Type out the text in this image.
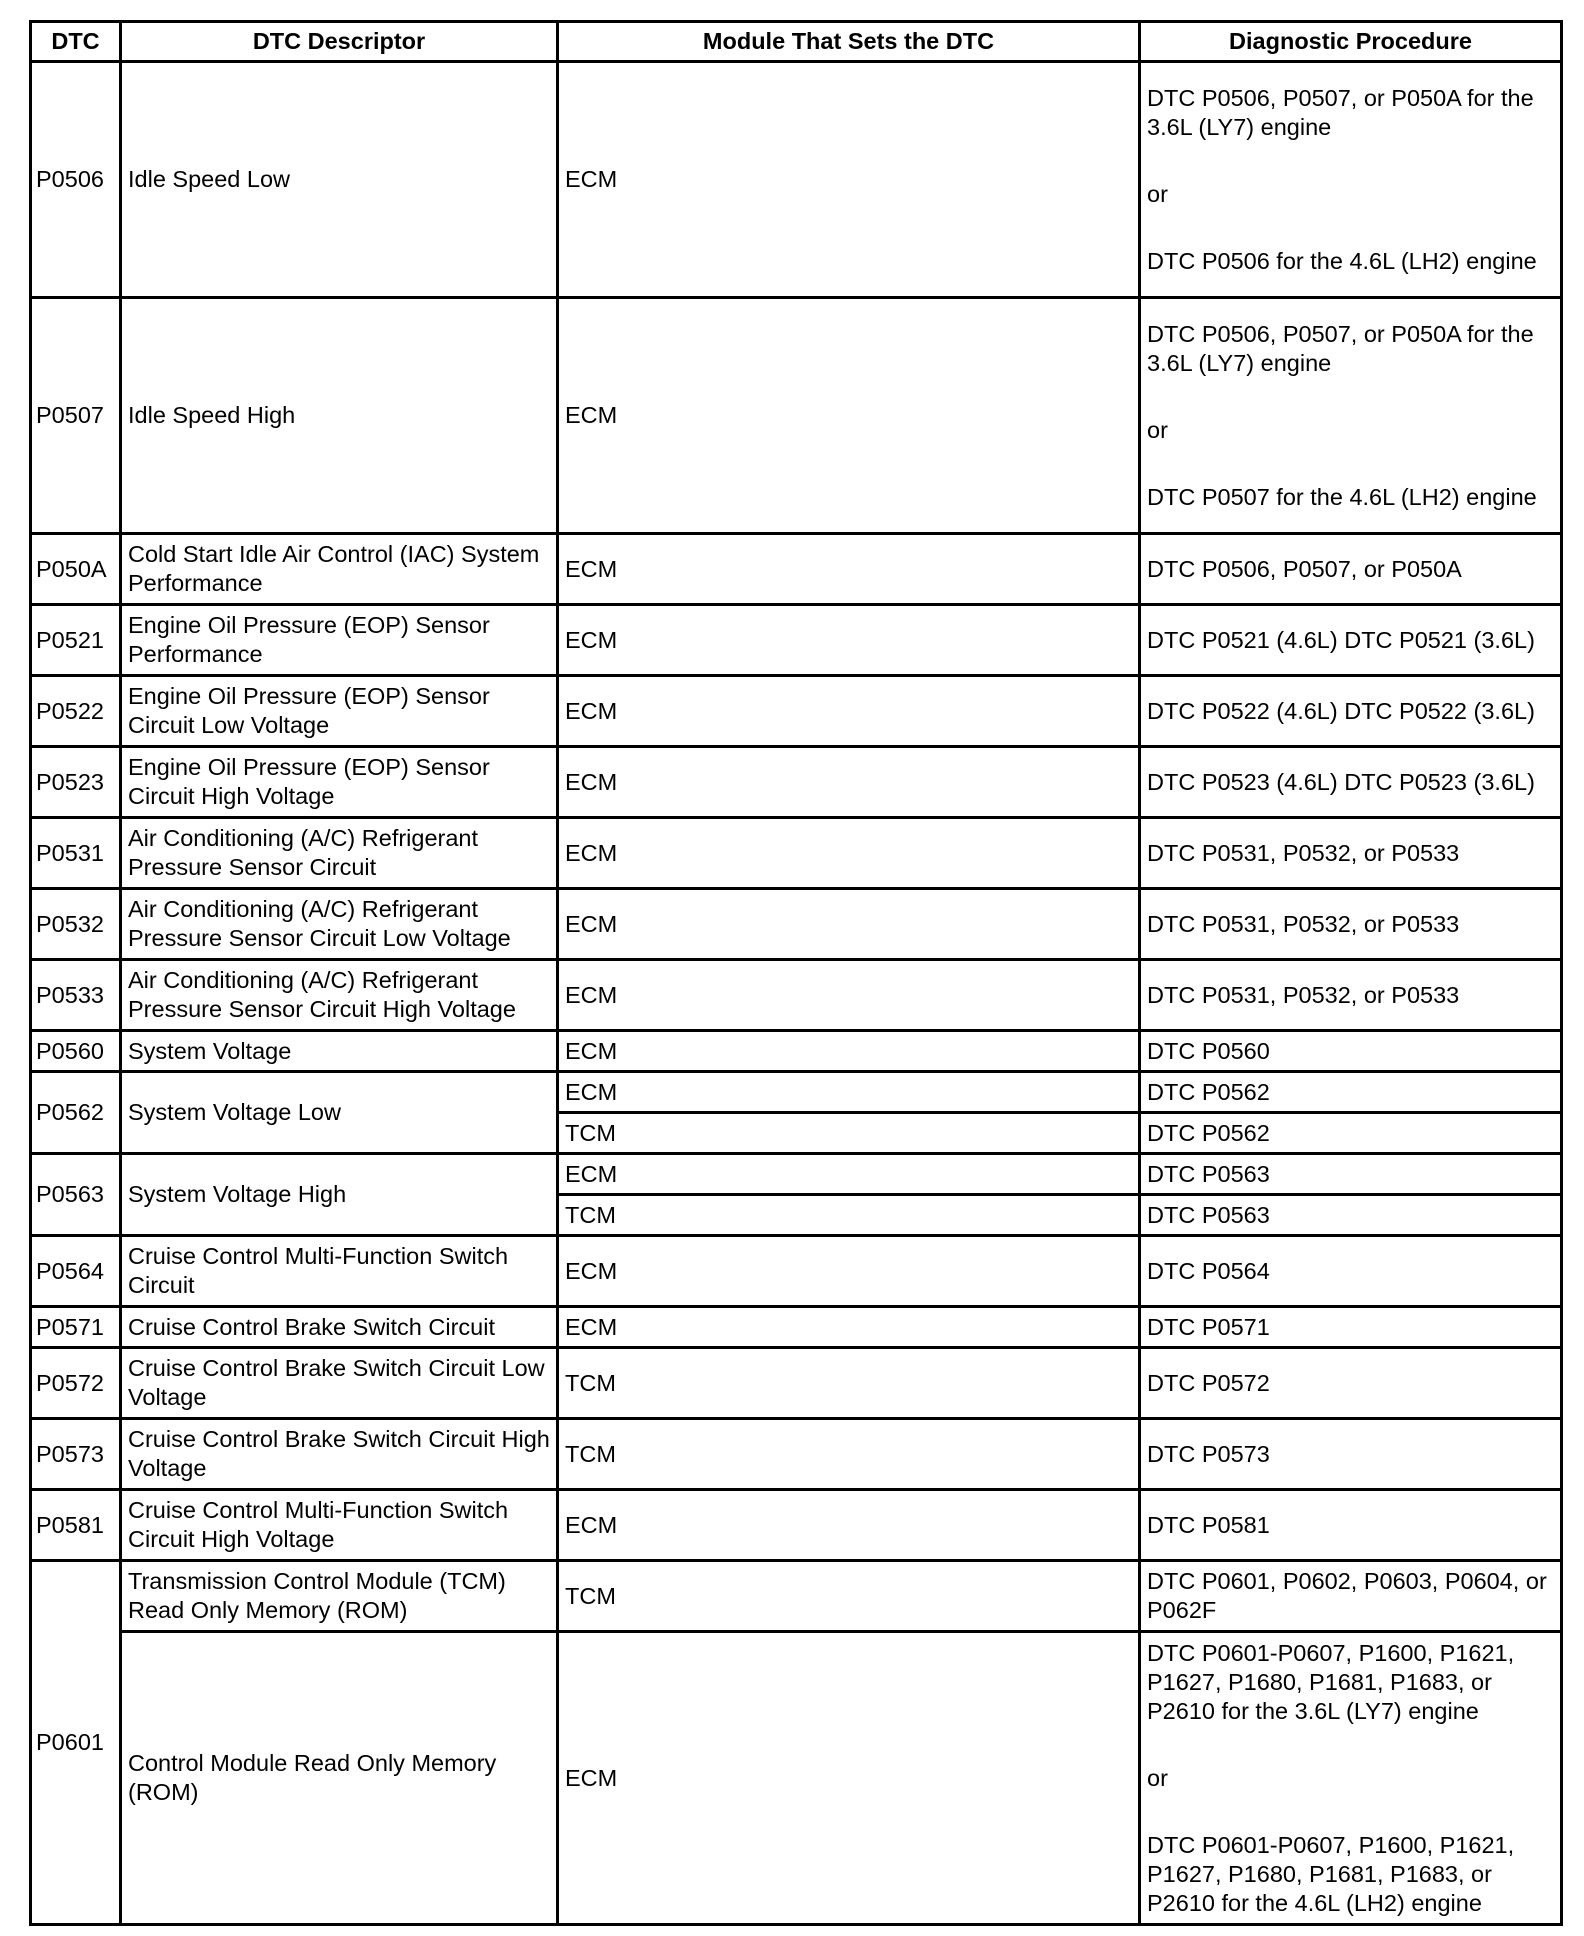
DTC	DTC Descriptor	Module That Sets the DTC	Diagnostic Procedure
P0506	Idle Speed Low	ECM	DTC P0506, P0507, or P050A for the 3.6L (LY7) engine
or
DTC P0506 for the 4.6L (LH2) engine

P0507	Idle Speed High	ECM	DTC P0506, P0507, or P050A for the 3.6L (LY7) engine
or
DTC P0507 for the 4.6L (LH2) engine

P050A	Cold Start Idle Air Control (IAC) System Performance	ECM	DTC P0506, P0507, or P050A
P0521	Engine Oil Pressure (EOP) Sensor Performance	ECM	DTC P0521 (4.6L) DTC P0521 (3.6L)
P0522	Engine Oil Pressure (EOP) Sensor Circuit Low Voltage	ECM	DTC P0522 (4.6L) DTC P0522 (3.6L)
P0523	Engine Oil Pressure (EOP) Sensor Circuit High Voltage	ECM	DTC P0523 (4.6L) DTC P0523 (3.6L)
P0531	Air Conditioning (A/C) Refrigerant Pressure Sensor Circuit	ECM	DTC P0531, P0532, or P0533
P0532	Air Conditioning (A/C) Refrigerant Pressure Sensor Circuit Low Voltage	ECM	DTC P0531, P0532, or P0533
P0533	Air Conditioning (A/C) Refrigerant Pressure Sensor Circuit High Voltage	ECM	DTC P0531, P0532, or P0533
P0560	System Voltage	ECM	DTC P0560
P0562	System Voltage Low	ECM	DTC P0562
		TCM	DTC P0562
P0563	System Voltage High	ECM	DTC P0563
		TCM	DTC P0563
P0564	Cruise Control Multi-Function Switch Circuit	ECM	DTC P0564
P0571	Cruise Control Brake Switch Circuit	ECM	DTC P0571
P0572	Cruise Control Brake Switch Circuit Low Voltage	TCM	DTC P0572
P0573	Cruise Control Brake Switch Circuit High Voltage	TCM	DTC P0573
P0581	Cruise Control Multi-Function Switch Circuit High Voltage	ECM	DTC P0581
P0601	Transmission Control Module (TCM) Read Only Memory (ROM)	TCM	DTC P0601, P0602, P0603, P0604, or P062F
	Control Module Read Only Memory (ROM)	ECM	DTC P0601-P0607, P1600, P1621, P1627, P1680, P1681, P1683, or P2610 for the 3.6L (LY7) engine
or
DTC P0601-P0607, P1600, P1621, P1627, P1680, P1681, P1683, or P2610 for the 4.6L (LH2) engine
